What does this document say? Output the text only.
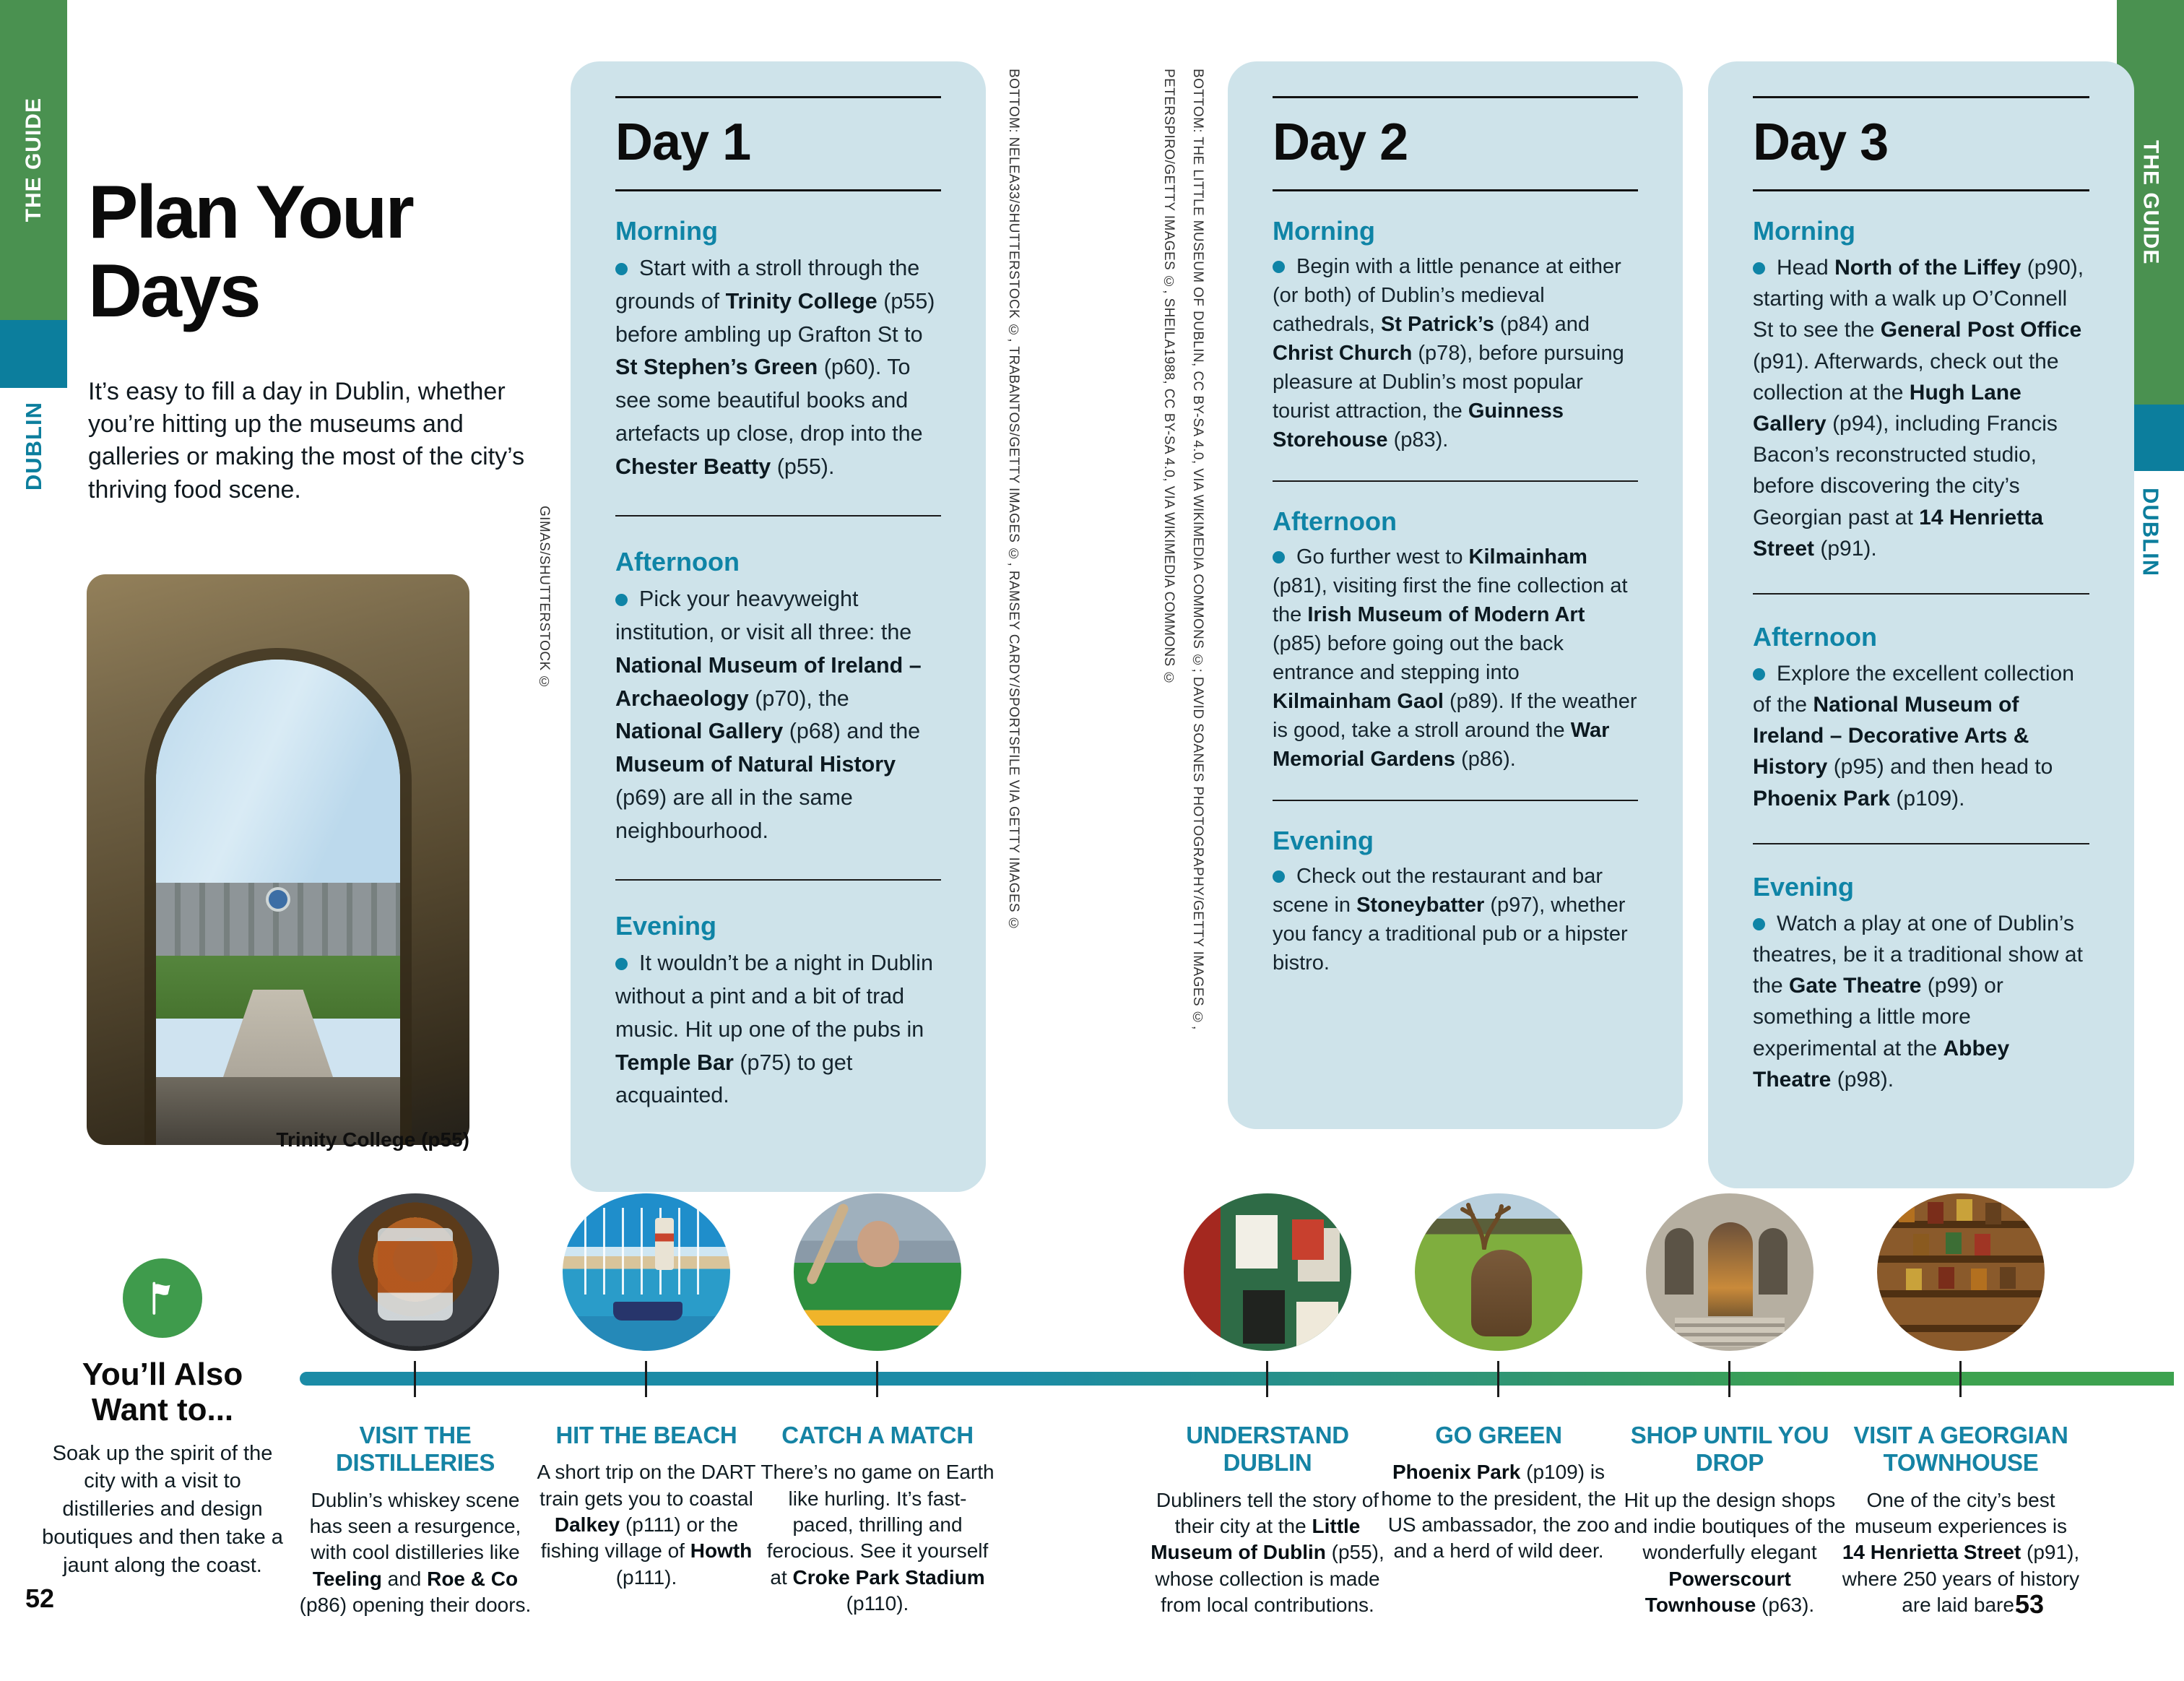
THE GUIDE
DUBLIN
THE GUIDE
DUBLIN
Plan Your Days

It’s easy to fill a day in Dublin, whether you’re hitting up the museums and galleries or making the most of the city’s thriving food scene.

Trinity College (p55)
GIMAS/SHUTTERSTOCK ©
Day 1
Morning

Start with a stroll through the grounds of Trinity College (p55) before ambling up Grafton St to St Stephen’s Green (p60). To see some beautiful books and artefacts up close, drop into the Chester Beatty (p55).

Afternoon

Pick your heavyweight institution, or visit all three: the National Museum of Ireland – Archaeology (p70), the National Gallery (p68) and the Museum of Natural History (p69) are all in the same neighbourhood.

Evening

It wouldn’t be a night in Dublin without a pint and a bit of trad music. Hit up one of the pubs in Temple Bar (p75) to get acquainted.

BOTTOM: NELEA33/SHUTTERSTOCK ©, TRABANTOS/GETTY IMAGES ©, RAMSEY CARDY/SPORTSFILE VIA GETTY IMAGES ©	BOTTOM: THE LITTLE MUSEUM OF DUBLIN, CC BY-SA 4.0, VIA WIKIMEDIA COMMONS ©; DAVID SOANES PHOTOGRAPHY/GETTY IMAGES ©,
PETERSPIRO/GETTY IMAGES ©, SHEILA1988, CC BY-SA 4.0, VIA WIKIMEDIA COMMONS © Day 2
Morning

Begin with a little penance at either (or both) of Dublin’s medieval cathedrals, St Patrick’s (p84) and Christ Church (p78), before pursuing pleasure at Dublin’s most popular tourist attraction, the Guinness Storehouse (p83).

Afternoon

Go further west to Kilmainham (p81), visiting first the fine collection at the Irish Museum of Modern Art (p85) before going out the back entrance and stepping into Kilmainham Gaol (p89). If the weather is good, take a stroll around the War Memorial Gardens (p86).

Evening

Check out the restaurant and bar scene in Stoneybatter (p97), whether you fancy a traditional pub or a hipster bistro.

Day 3
Morning

Head North of the Liffey (p90), starting with a walk up O’Connell St to see the General Post Office (p91). Afterwards, check out the collection at the Hugh Lane Gallery (p94), including Francis Bacon’s reconstructed studio, before discovering the city’s Georgian past at 14 Henrietta Street (p91).

Afternoon

Explore the excellent collection of the National Museum of Ireland – Decorative Arts & History (p95) and then head to Phoenix Park (p109).

Evening

Watch a play at one of Dublin’s theatres, be it a traditional show at the Gate Theatre (p99) or something a little more experimental at the Abbey Theatre (p98).

You’ll Also Want to...
Soak up the spirit of the city with a visit to distilleries and design boutiques and then take a jaunt along the coast.
VISIT THE DISTILLERIES
Dublin’s whiskey scene has seen a resurgence, with cool distilleries like Teeling and Roe & Co (p86) opening their doors.
HIT THE BEACH
A short trip on the DART train gets you to coastal Dalkey (p111) or the fishing village of Howth (p111).
CATCH A MATCH
There’s no game on Earth like hurling. It’s fast-paced, thrilling and ferocious. See it yourself at Croke Park Stadium (p110).
UNDERSTAND DUBLIN
Dubliners tell the story of their city at the Little Museum of Dublin (p55), whose collection is made from local contributions.
GO GREEN
Phoenix Park (p109) is home to the president, the US ambassador, the zoo and a herd of wild deer.
SHOP UNTIL YOU DROP
Hit up the design shops and indie boutiques of the wonderfully elegant Powerscourt Townhouse (p63).
VISIT A GEORGIAN TOWNHOUSE
One of the city’s best museum experiences is 14 Henrietta Street (p91), where 250 years of history are laid bare.
52	53
